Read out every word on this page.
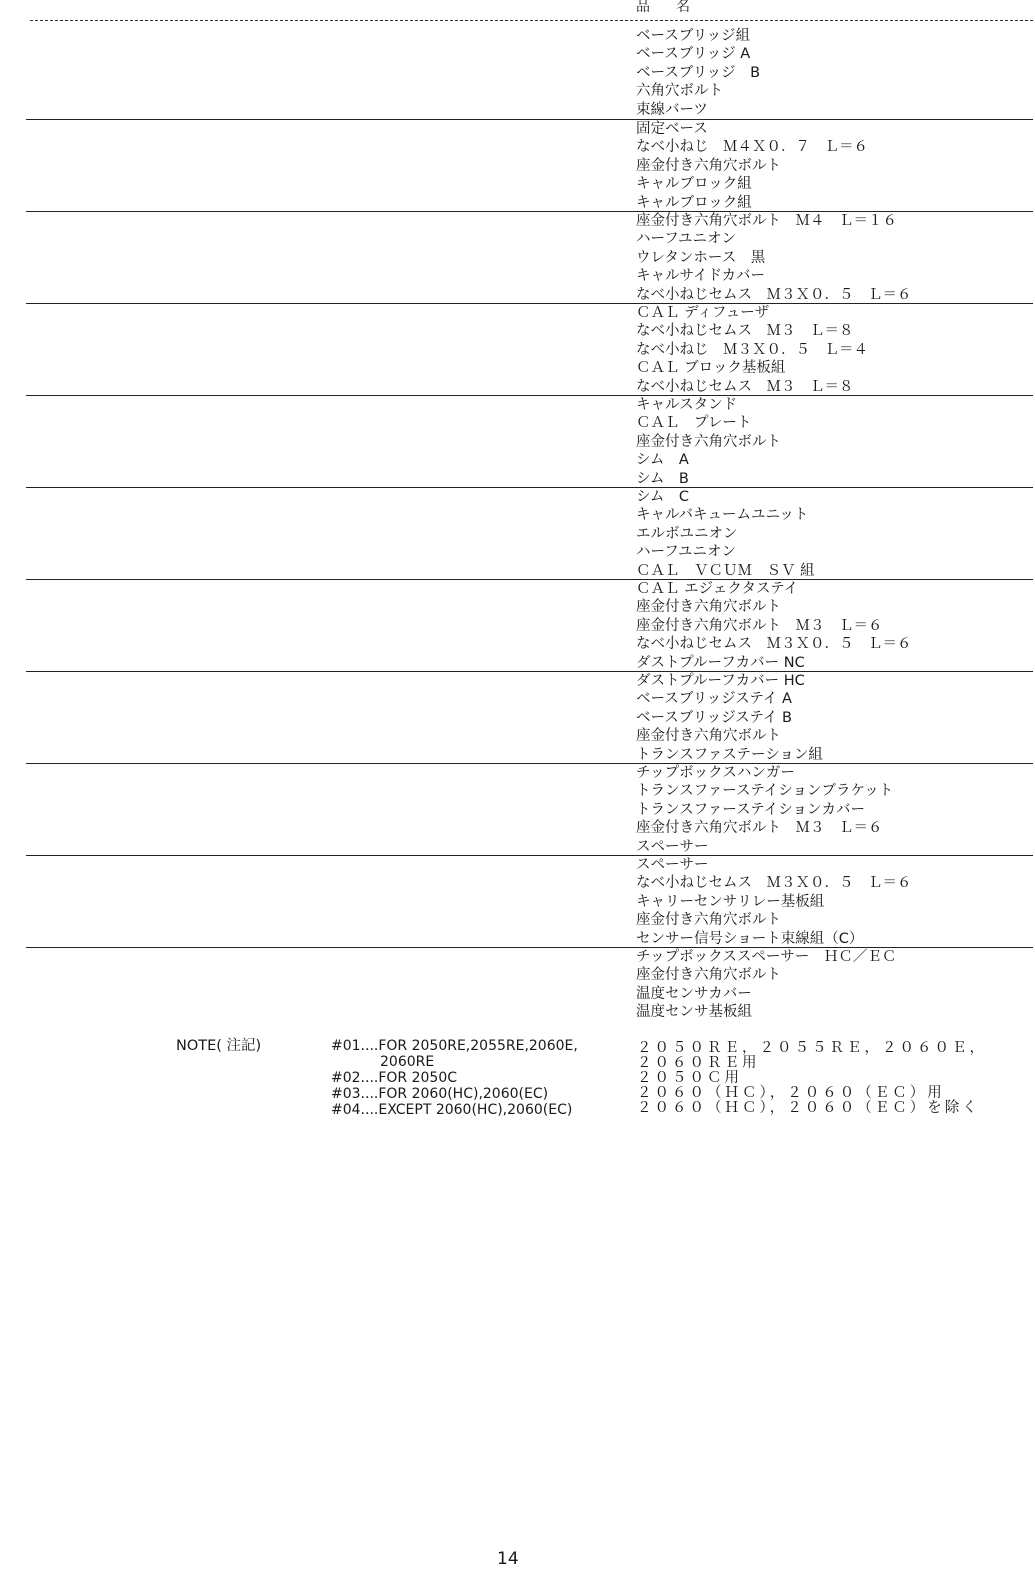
品　名
ベースブリッジ組
ベースブリッジ A
ベースブリッジ　B
六角穴ボルト
束線バーツ
固定ベース
なべ小ねじ　Ｍ４Ｘ０．７　Ｌ＝６
座金付き六角穴ボルト
キャルブロック組
キャルブロック組
座金付き六角穴ボルト　Ｍ４　Ｌ＝１６
ハーフユニオン
ウレタンホース　黒
キャルサイドカバー
なべ小ねじセムス　Ｍ３Ｘ０．５　Ｌ＝６
ＣＡＬ ディフューザ
なべ小ねじセムス　Ｍ３　Ｌ＝８
なべ小ねじ　Ｍ３Ｘ０．５　Ｌ＝４
ＣＡＬ ブロック基板組
なべ小ねじセムス　Ｍ３　Ｌ＝８
キャルスタンド
ＣＡＬ　プレート
座金付き六角穴ボルト
シム　A
シム　B
シム　C
キャルバキュームユニット
エルボユニオン
ハーフユニオン
ＣＡＬ　ＶＣＵＭ　ＳＶ 組
ＣＡＬ エジェクタステイ
座金付き六角穴ボルト
座金付き六角穴ボルト　Ｍ３　Ｌ＝６
なべ小ねじセムス　Ｍ３Ｘ０．５　Ｌ＝６
ダストプルーフカバー NC
ダストプルーフカバー HC
ベースブリッジステイ A
ベースブリッジステイ B
座金付き六角穴ボルト
トランスファステーション組
チップボックスハンガー
トランスファーステイションブラケット
トランスファーステイションカバー
座金付き六角穴ボルト　Ｍ３　Ｌ＝６
スペーサー
スペーサー
なべ小ねじセムス　Ｍ３Ｘ０．５　Ｌ＝６
キャリーセンサリレー基板組
座金付き六角穴ボルト
センサー信号ショート束線組（C）
チップボックススペーサー　ＨＣ／ＥＣ
座金付き六角穴ボルト
温度センサカバー
温度センサ基板組
NOTE( 注記)	#01....FOR 2050RE,2055RE,2060E,
2060RE
#02....FOR 2050C
#03....FOR 2060(HC),2060(EC)
#04....EXCEPT 2060(HC),2060(EC)
２０５０ＲＥ，２０５５ＲＥ，２０６０Ｅ，
２０６０ＲＥ用
２０５０Ｃ用
２０６０（ＨＣ），２０６０（ＥＣ）用
２０６０（ＨＣ），２０６０（ＥＣ）を除く
14
